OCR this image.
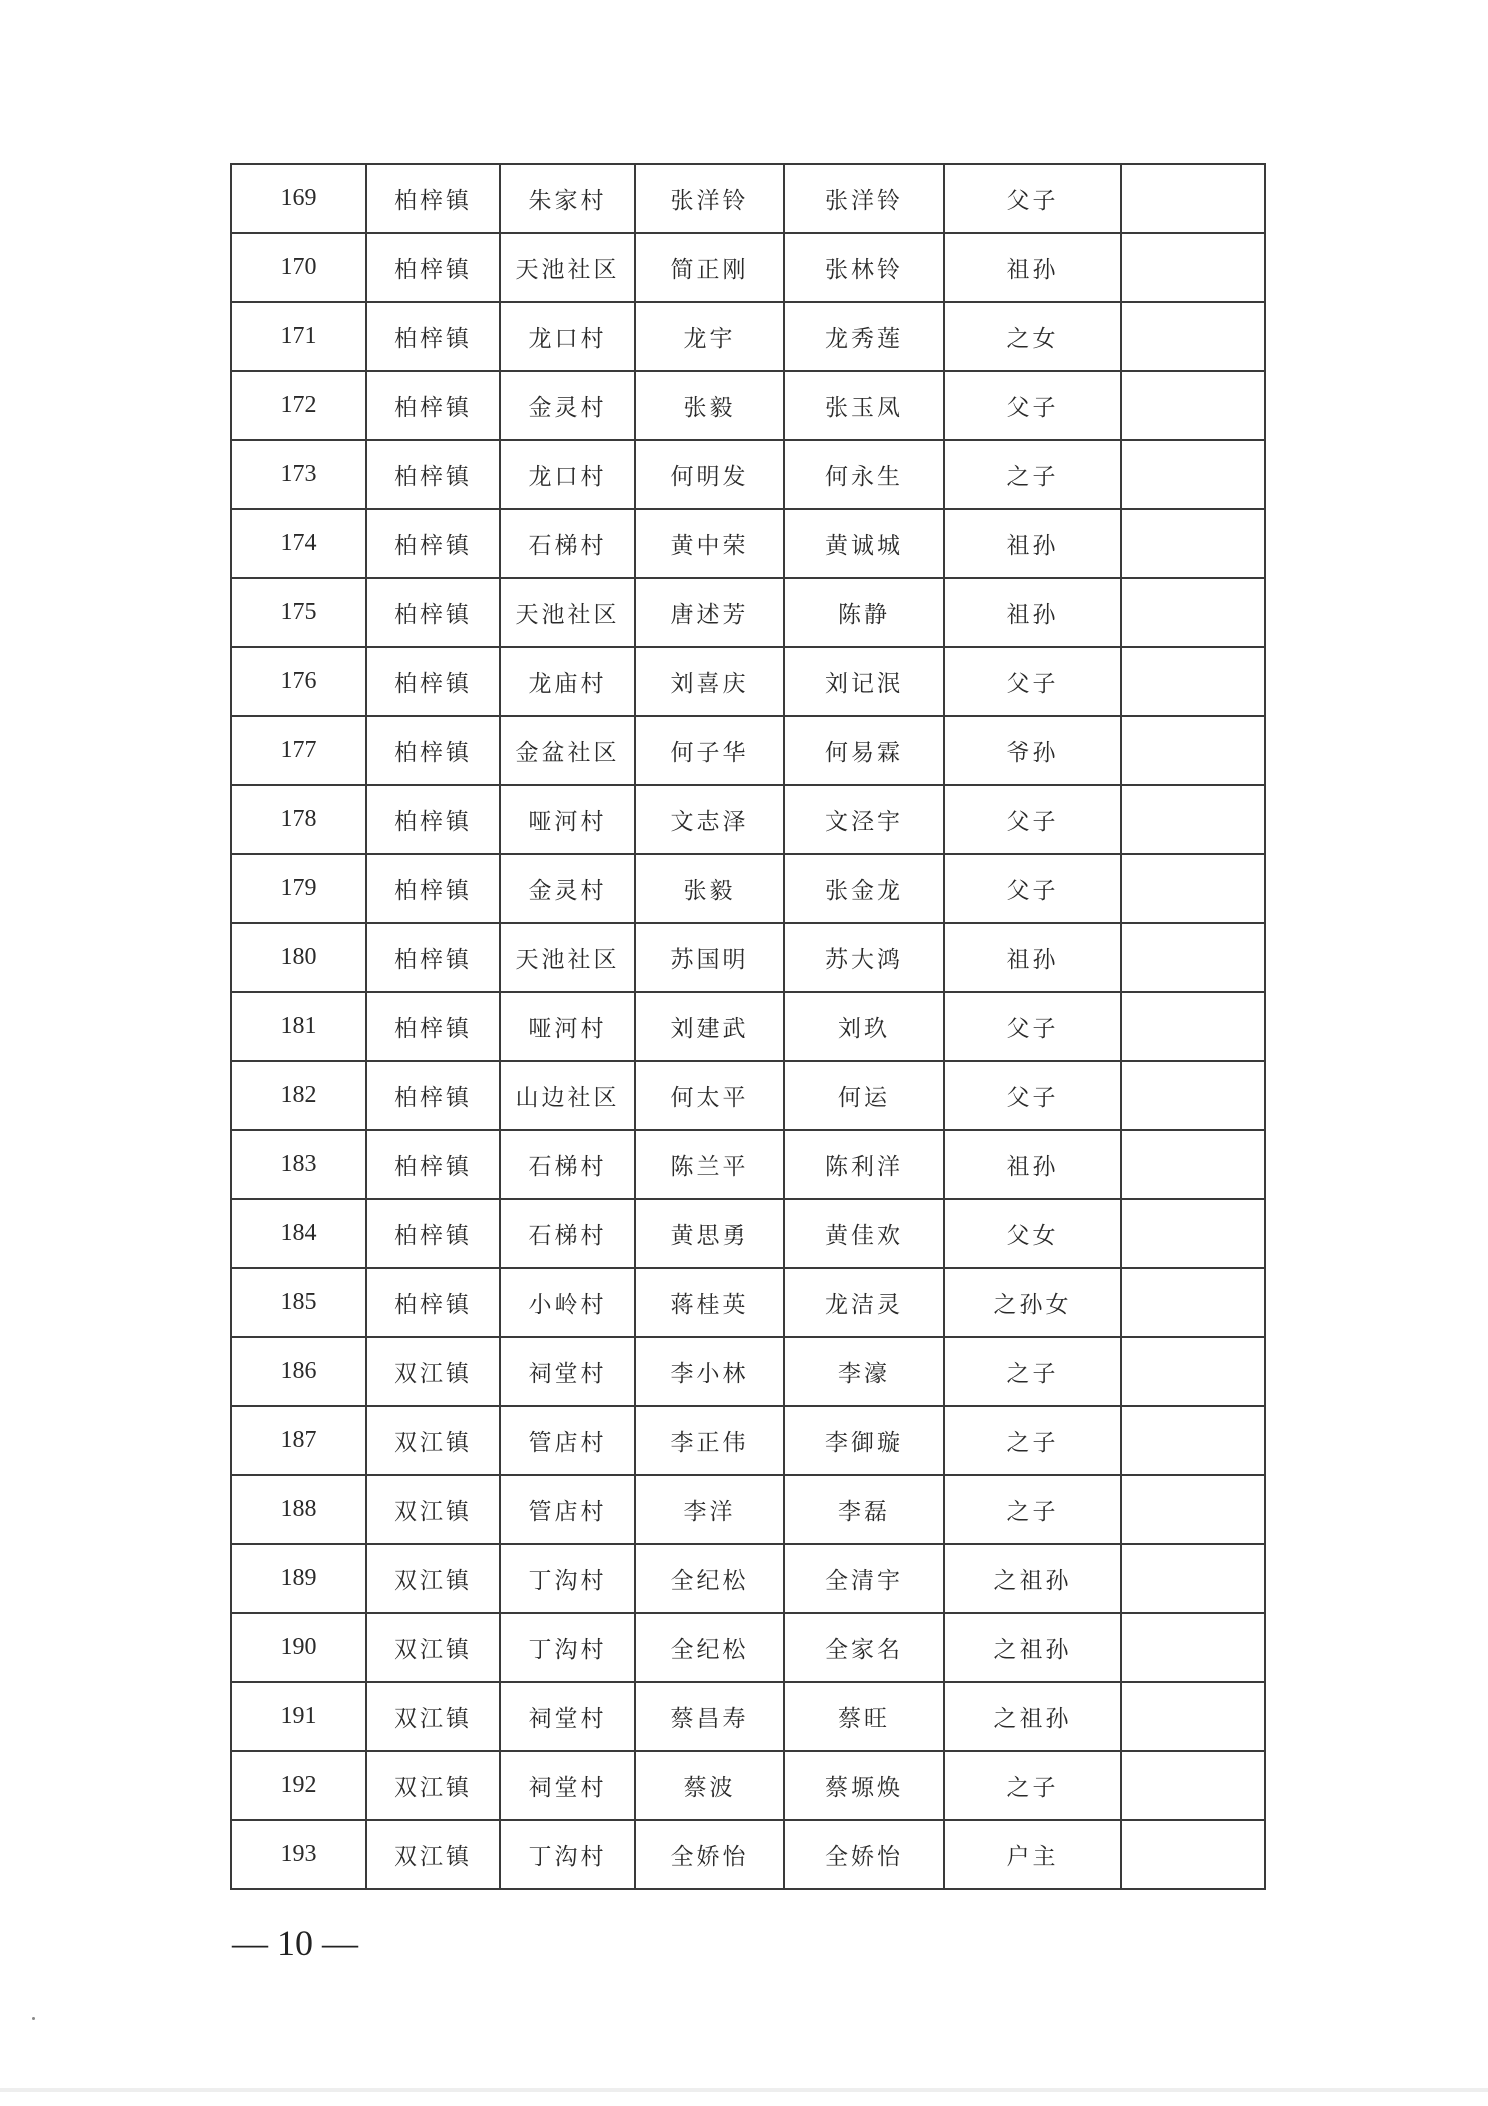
169	柏梓镇	朱家村	张洋铃	张洋铃	父子	
170	柏梓镇	天池社区	简正刚	张林铃	祖孙	
171	柏梓镇	龙口村	龙宇	龙秀莲	之女	
172	柏梓镇	金灵村	张毅	张玉凤	父子	
173	柏梓镇	龙口村	何明发	何永生	之子	
174	柏梓镇	石梯村	黄中荣	黄诚城	祖孙	
175	柏梓镇	天池社区	唐述芳	陈静	祖孙	
176	柏梓镇	龙庙村	刘喜庆	刘记泯	父子	
177	柏梓镇	金盆社区	何子华	何易霖	爷孙	
178	柏梓镇	哑河村	文志泽	文泾宇	父子	
179	柏梓镇	金灵村	张毅	张金龙	父子	
180	柏梓镇	天池社区	苏国明	苏大鸿	祖孙	
181	柏梓镇	哑河村	刘建武	刘玖	父子	
182	柏梓镇	山边社区	何太平	何运	父子	
183	柏梓镇	石梯村	陈兰平	陈利洋	祖孙	
184	柏梓镇	石梯村	黄思勇	黄佳欢	父女	
185	柏梓镇	小岭村	蒋桂英	龙洁灵	之孙女	
186	双江镇	祠堂村	李小林	李濠	之子	
187	双江镇	管店村	李正伟	李御璇	之子	
188	双江镇	管店村	李洋	李磊	之子	
189	双江镇	丁沟村	全纪松	全清宇	之祖孙	
190	双江镇	丁沟村	全纪松	全家名	之祖孙	
191	双江镇	祠堂村	蔡昌寿	蔡旺	之祖孙	
192	双江镇	祠堂村	蔡波	蔡塬焕	之子	
193	双江镇	丁沟村	全娇怡	全娇怡	户主	
— 10 —
